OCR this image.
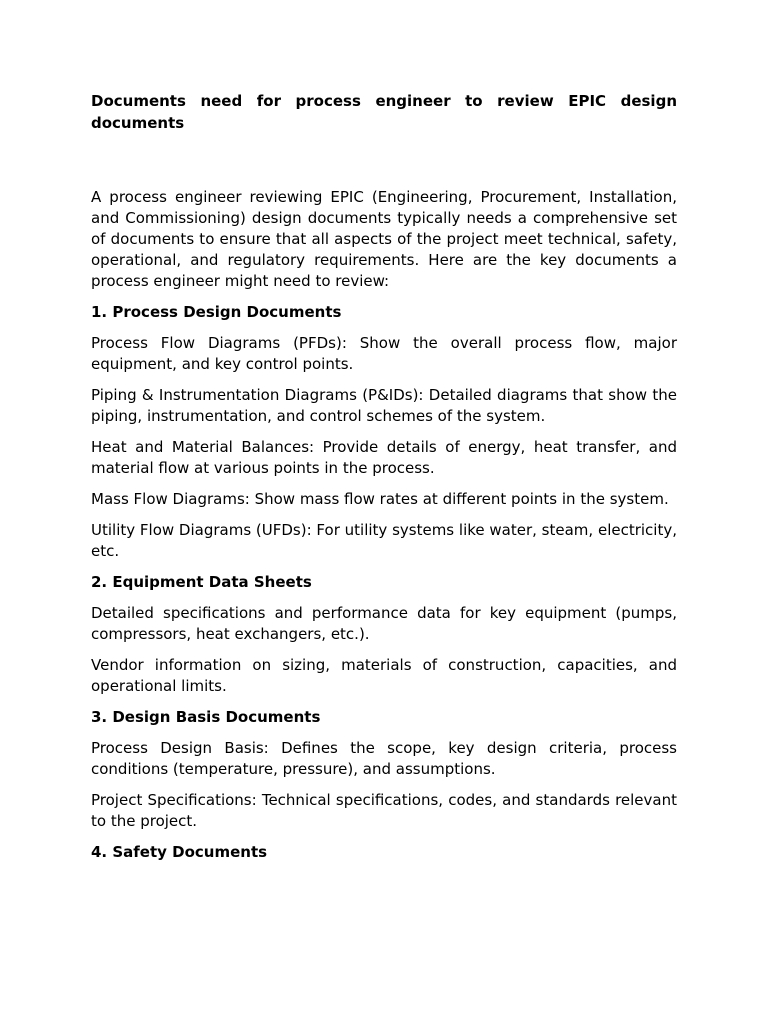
Documents need for process engineer to review EPIC design documents

A process engineer reviewing EPIC (Engineering, Procurement, Installation, and Commissioning) design documents typically needs a comprehensive set of documents to ensure that all aspects of the project meet technical, safety, operational, and regulatory requirements. Here are the key documents a process engineer might need to review:

1. Process Design Documents

Process Flow Diagrams (PFDs): Show the overall process flow, major equipment, and key control points.

Piping & Instrumentation Diagrams (P&IDs): Detailed diagrams that show the piping, instrumentation, and control schemes of the system.

Heat and Material Balances: Provide details of energy, heat transfer, and material flow at various points in the process.

Mass Flow Diagrams: Show mass flow rates at different points in the system.

Utility Flow Diagrams (UFDs): For utility systems like water, steam, electricity, etc.

2. Equipment Data Sheets

Detailed specifications and performance data for key equipment (pumps, compressors, heat exchangers, etc.).

Vendor information on sizing, materials of construction, capacities, and operational limits.

3. Design Basis Documents

Process Design Basis: Defines the scope, key design criteria, process conditions (temperature, pressure), and assumptions.

Project Specifications: Technical specifications, codes, and standards relevant to the project.

4. Safety Documents
